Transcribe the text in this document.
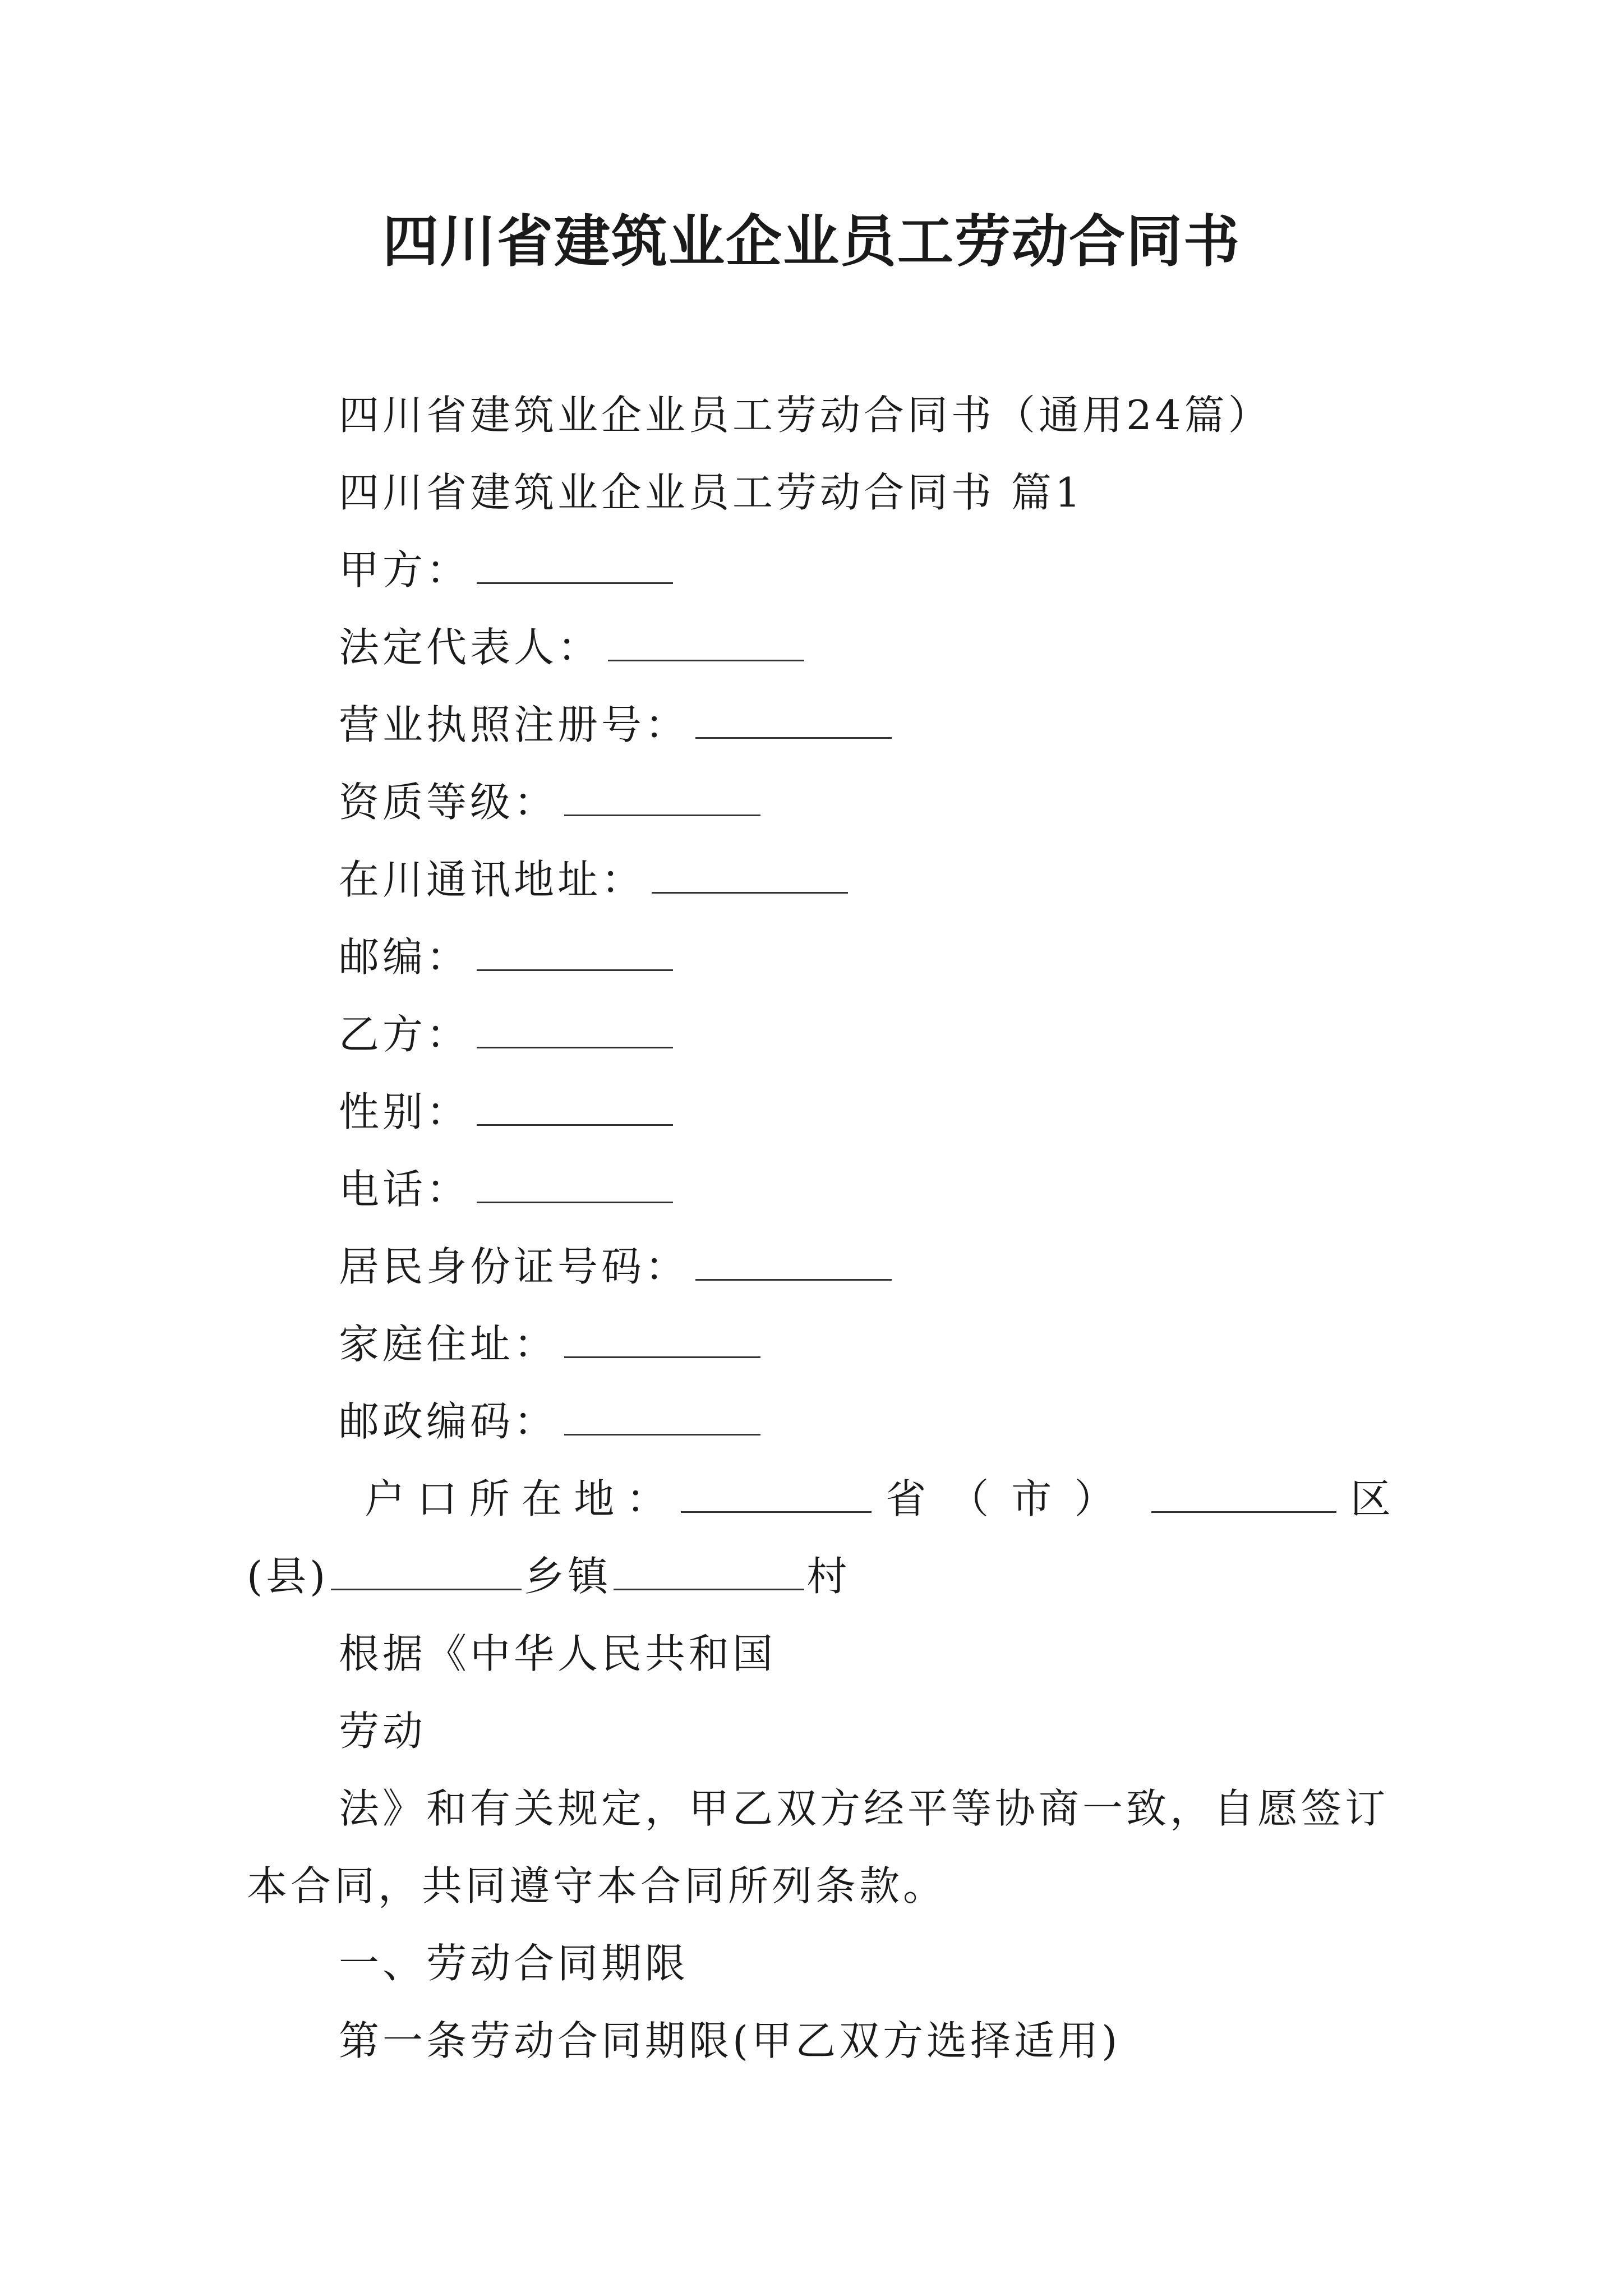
四川省建筑业企业员工劳动合同书
四川省建筑业企业员工劳动合同书（通用24篇）
四川省建筑业企业员工劳动合同书 篇1
甲方：
法定代表人：
营业执照注册号：
资质等级：
在川通讯地址：
邮编：
乙方：
性别：
电话：
居民身份证号码：
家庭住址：
邮政编码：
户 口 所 在 地 ：	省（市）	区
(县)	乡镇	村
根据《中华人民共和国
劳动
法》和有关规定，甲乙双方经平等协商一致，自愿签订
本合同，共同遵守本合同所列条款。
一、劳动合同期限
第一条劳动合同期限(甲乙双方选择适用)
